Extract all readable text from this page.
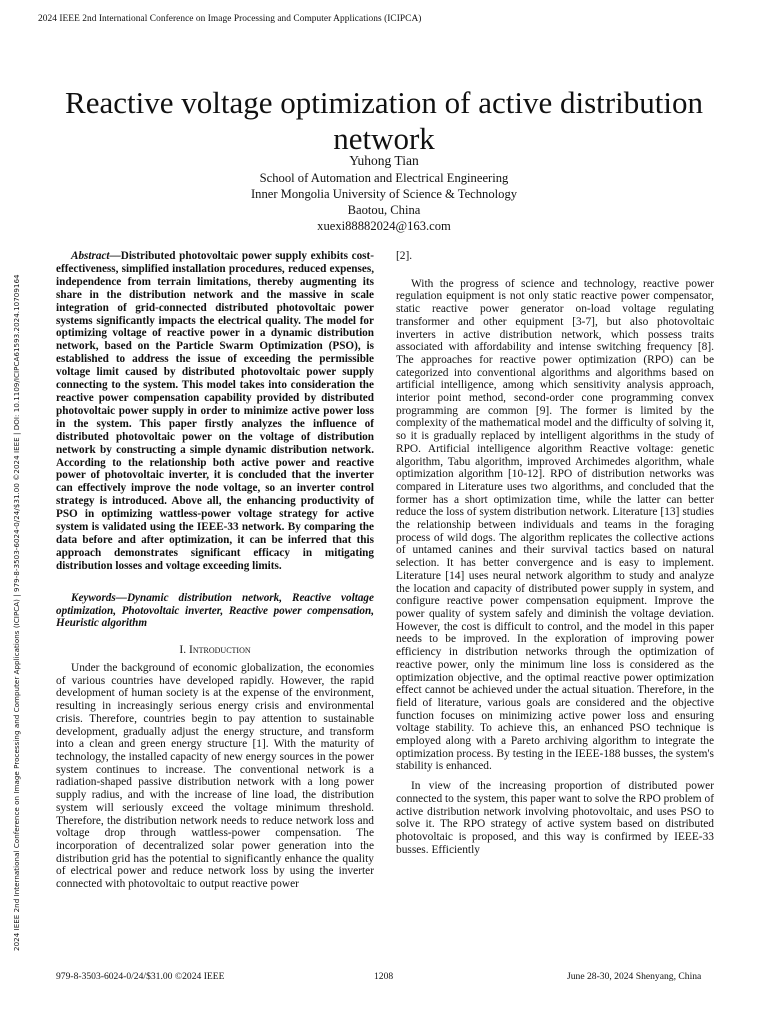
2024 IEEE 2nd International Conference on Image Processing and Computer Applications (ICIPCA)
2024 IEEE 2nd International Conference on Image Processing and Computer Applications (ICIPCA) | 979-8-3503-6024-0/24/$31.00 ©2024 IEEE | DOI: 10.1109/ICIPCA61593.2024.10709164
Reactive voltage optimization of active distribution network
Yuhong Tian
School of Automation and Electrical Engineering
Inner Mongolia University of Science & Technology
Baotou, China
xuexi88882024@163.com

Abstract—Distributed photovoltaic power supply exhibits cost-effectiveness, simplified installation procedures, reduced expenses, independence from terrain limitations, thereby augmenting its share in the distribution network and the massive in scale integration of grid-connected distributed photovoltaic power systems significantly impacts the electrical quality. The model for optimizing voltage of reactive power in a dynamic distribution network, based on the Particle Swarm Optimization (PSO), is established to address the issue of exceeding the permissible voltage limit caused by distributed photovoltaic power supply connecting to the system. This model takes into consideration the reactive power compensation capability provided by distributed photovoltaic power supply in order to minimize active power loss in the system. This paper firstly analyzes the influence of distributed photovoltaic power on the voltage of distribution network by constructing a simple dynamic distribution network. According to the relationship both active power and reactive power of photovoltaic inverter, it is concluded that the inverter can effectively improve the node voltage, so an inverter control strategy is introduced. Above all, the enhancing productivity of PSO in optimizing wattless-power voltage strategy for active system is validated using the IEEE-33 network. By comparing the data before and after optimization, it can be inferred that this approach demonstrates significant efficacy in mitigating distribution losses and voltage exceeding limits.

Keywords—Dynamic distribution network, Reactive voltage optimization, Photovoltaic inverter, Reactive power compensation, Heuristic algorithm

I. Introduction

Under the background of economic globalization, the economies of various countries have developed rapidly. However, the rapid development of human society is at the expense of the environment, resulting in increasingly serious energy crisis and environmental crisis. Therefore, countries begin to pay attention to sustainable development, gradually adjust the energy structure, and transform into a clean and green energy structure [1]. With the maturity of technology, the installed capacity of new energy sources in the power system continues to increase. The conventional network is a radiation-shaped passive distribution network with a long power supply radius, and with the increase of line load, the distribution system will seriously exceed the voltage minimum threshold. Therefore, the distribution network needs to reduce network loss and voltage drop through wattless-power compensation. The incorporation of decentralized solar power generation into the distribution grid has the potential to significantly enhance the quality of electrical power and reduce network loss by using the inverter connected with photovoltaic to output reactive power

[2].

With the progress of science and technology, reactive power regulation equipment is not only static reactive power compensator, static reactive power generator on-load voltage regulating transformer and other equipment [3-7], but also photovoltaic inverters in active distribution network, which possess traits associated with affordability and intense switching frequency [8]. The approaches for reactive power optimization (RPO) can be categorized into conventional algorithms and algorithms based on artificial intelligence, among which sensitivity analysis approach, interior point method, second-order cone programming convex programming are common [9]. The former is limited by the complexity of the mathematical model and the difficulty of solving it, so it is gradually replaced by intelligent algorithms in the study of RPO. Artificial intelligence algorithm Reactive voltage: genetic algorithm, Tabu algorithm, improved Archimedes algorithm, whale optimization algorithm [10-12]. RPO of distribution networks was compared in Literature uses two algorithms, and concluded that the former has a short optimization time, while the latter can better reduce the loss of system distribution network. Literature [13] studies the relationship between individuals and teams in the foraging process of wild dogs. The algorithm replicates the collective actions of untamed canines and their survival tactics based on natural selection. It has better convergence and is easy to implement. Literature [14] uses neural network algorithm to study and analyze the location and capacity of distributed power supply in system, and configure reactive power compensation equipment. Improve the power quality of system safely and diminish the voltage deviation. However, the cost is difficult to control, and the model in this paper needs to be improved. In the exploration of improving power efficiency in distribution networks through the optimization of reactive power, only the minimum line loss is considered as the optimization objective, and the optimal reactive power optimization effect cannot be achieved under the actual situation. Therefore, in the field of literature, various goals are considered and the objective function focuses on minimizing active power loss and ensuring voltage stability. To achieve this, an enhanced PSO technique is employed along with a Pareto archiving algorithm to integrate the optimization process. By testing in the IEEE-188 busses, the system's stability is enhanced.

In view of the increasing proportion of distributed power connected to the system, this paper want to solve the RPO problem of active distribution network involving photovoltaic, and uses PSO to solve it. The RPO strategy of active system based on distributed photovoltaic is proposed, and this way is confirmed by IEEE-33 busses. Efficiently

979-8-3503-6024-0/24/$31.00 ©2024 IEEE	1208	June 28-30, 2024 Shenyang, China
